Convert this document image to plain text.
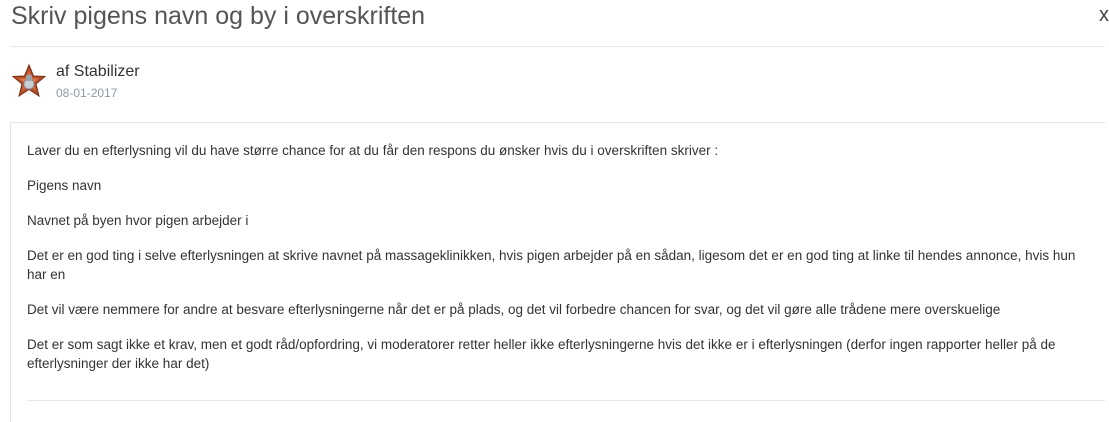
Skriv pigens navn og by i overskriften	x
af Stabilizer
08-01-2017

Laver du en efterlysning vil du have større chance for at du får den respons du ønsker hvis du i overskriften skriver :

Pigens navn

Navnet på byen hvor pigen arbejder i

Det er en god ting i selve efterlysningen at skrive navnet på massageklinikken, hvis pigen arbejder på en sådan, ligesom det er en god ting at linke til hendes annonce, hvis hun har en

Det vil være nemmere for andre at besvare efterlysningerne når det er på plads, og det vil forbedre chancen for svar, og det vil gøre alle trådene mere overskuelige

Det er som sagt ikke et krav, men et godt råd/opfordring, vi moderatorer retter heller ikke efterlysningerne hvis det ikke er i efterlysningen (derfor ingen rapporter heller på de efterlysninger der ikke har det)
